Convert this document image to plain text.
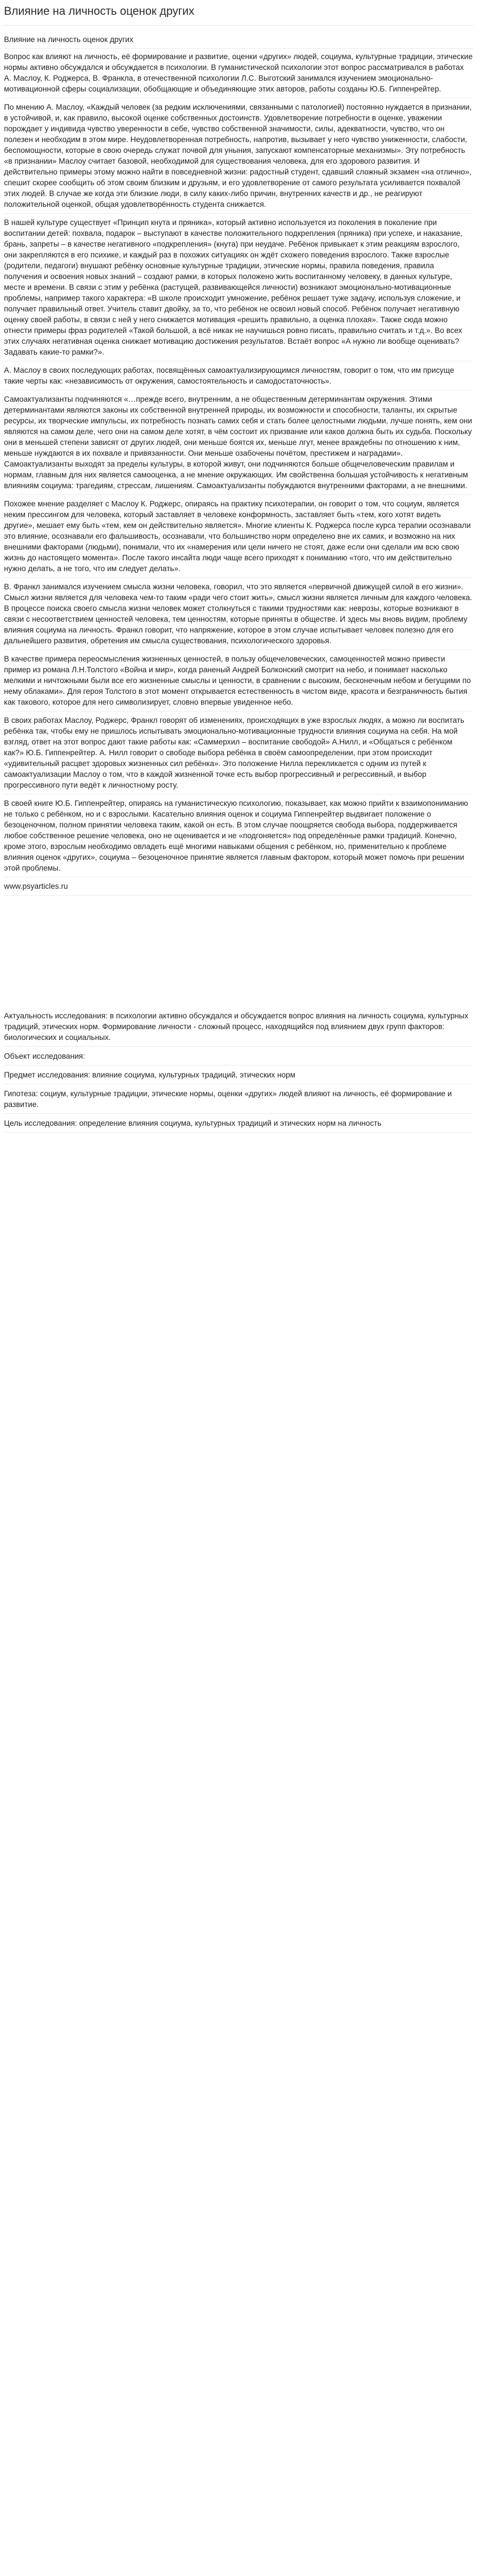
Влияние на личность оценок других

Влияние на личность оценок других

Вопрос как влияют на личность, её формирование и развитие, оценки «других» людей, социума, культурные традиции, этические нормы активно обсуждался и обсуждается в психологии. В гуманистической психологии этот вопрос рассматривался в работах А. Маслоу, К. Роджерса, В. Франкла, в отечественной психологии Л.С. Выготский занимался изучением эмоционально-мотивационной сферы социализации, обобщающие и объединяющие этих авторов, работы созданы Ю.Б. Гиппенрейтер.

По мнению А. Маслоу, «Каждый человек (за редким исключениями, связанными с патологией) постоянно нуждается в признании, в устойчивой, и, как правило, высокой оценке собственных достоинств. Удовлетворение потребности в оценке, уважении порождает у индивида чувство уверенности в себе, чувство собственной значимости, силы, адекватности, чувство, что он полезен и необходим в этом мире. Неудовлетворенная потребность, напротив, вызывает у него чувство униженности, слабости, беспомощности, которые в свою очередь служат почвой для уныния, запускают компенсаторные механизмы». Эту потребность «в признании» Маслоу считает базовой, необходимой для существования человека, для его здорового развития. И действительно примеры этому можно найти в повседневной жизни: радостный студент, сдавший сложный экзамен «на отлично», спешит скорее сообщить об этом своим близким и друзьям, и его удовлетворение от самого результата усиливается похвалой этих людей. В случае же когда эти близкие люди, в силу каких-либо причин, внутренних качеств и др., не реагируют положительной оценкой, общая удовлетворённость студента снижается.

В нашей культуре существует «Принцип кнута и пряника», который активно используется из поколения в поколение при воспитании детей: похвала, подарок – выступают в качестве положительного подкрепления (пряника) при успехе, и наказание, брань, запреты – в качестве негативного «подкрепления» (кнута) при неудаче. Ребёнок привыкает к этим реакциям взрослого, они закрепляются в его психике, и каждый раз в похожих ситуациях он ждёт схожего поведения взрослого. Также взрослые (родители, педагоги) внушают ребёнку основные культурные традиции, этические нормы, правила поведения, правила получения и освоения новых знаний – создают рамки, в которых положено жить воспитанному человеку, в данных культуре, месте и времени. В связи с этим у ребёнка (растущей, развивающейся личности) возникают эмоционально-мотивационные проблемы, например такого характера: «В школе происходит умножение, ребёнок решает туже задачу, используя сложение, и получает правильный ответ. Учитель ставит двойку, за то, что ребёнок не освоил новый способ. Ребёнок получает негативную оценку своей работы, в связи с ней у него снижается мотивация «решить правильно, а оценка плохая». Также сюда можно отнести примеры фраз родителей «Такой большой, а всё никак не научишься ровно писать, правильно считать и т.д.». Во всех этих случаях негативная оценка снижает мотивацию достижения результатов. Встаёт вопрос «А нужно ли вообще оценивать? Задавать какие-то рамки?».

А. Маслоу в своих последующих работах, посвящённых самоактуализирующимся личностям, говорит о том, что им присуще такие черты как: «независимость от окружения, самостоятельность и самодостаточность».

Самоактуализанты подчиняются «…прежде всего, внутренним, а не общественным детерминантам окружения. Этими детерминантами являются законы их собственной внутренней природы, их возможности и способности, таланты, их скрытые ресурсы, их творческие импульсы, их потребность познать самих себя и стать более целостными людьми, лучше понять, кем они являются на самом деле, чего они на самом деле хотят, в чём состоит их призвание или каков должна быть их судьба. Поскольку они в меньшей степени зависят от других людей, они меньше боятся их, меньше лгут, менее враждебны по отношению к ним, меньше нуждаются в их похвале и привязанности. Они меньше озабочены почётом, престижем и наградами». Самоактуализанты выходят за пределы культуры, в которой живут, они подчиняются больше общечеловеческим правилам и нормам, главным для них является самооценка, а не мнение окружающих. Им свойственна большая устойчивость к негативным влияниям социума: трагедиям, стрессам, лишениям. Самоактуализанты побуждаются внутренними факторами, а не внешними.

Похожее мнение разделяет с Маслоу К. Роджерс, опираясь на практику психотерапии, он говорит о том, что социум, является неким прессингом для человека, который заставляет в человеке конформность, заставляет быть «тем, кого хотят видеть другие», мешает ему быть «тем, кем он действительно является». Многие клиенты К. Роджерса после курса терапии осознавали это влияние, осознавали его фальшивость, осознавали, что большинство норм определено вне их самих, и возможно на них внешними факторами (людьми), понимали, что их «намерения или цели ничего не стоят, даже если они сделали им всю свою жизнь до настоящего момента». После такого инсайта люди чаще всего приходят к пониманию «того, что им действительно нужно делать, а не того, что им следует делать».

В. Франкл занимался изучением смысла жизни человека, говорил, что это является «первичной движущей силой в его жизни». Смысл жизни является для человека чем-то таким «ради чего стоит жить», смысл жизни является личным для каждого человека. В процессе поиска своего смысла жизни человек может столкнуться с такими трудностями как: неврозы, которые возникают в связи с несоответствием ценностей человека, тем ценностям, которые приняты в обществе. И здесь мы вновь видим, проблему влияния социума на личность. Франкл говорит, что напряжение, которое в этом случае испытывает человек полезно для его дальнейшего развития, обретения им смысла существования, психологического здоровья.

В качестве примера переосмысления жизненных ценностей, в пользу общечеловеческих, самоценностей можно привести пример из романа Л.Н.Толстого «Война и мир», когда раненый Андрей Болконский смотрит на небо, и понимает насколько мелкими и ничтожными были все его жизненные смыслы и ценности, в сравнении с высоким, бесконечным небом и бегущими по нему облаками». Для героя Толстого в этот момент открывается естественность в чистом виде, красота и безграничность бытия как такового, которое для него символизирует, словно впервые увиденное небо.

В своих работах Маслоу, Роджерс, Франкл говорят об изменениях, происходящих в уже взрослых людях, а можно ли воспитать ребёнка так, чтобы ему не пришлось испытывать эмоционально-мотивационные трудности влияния социума на себя. На мой взгляд, ответ на этот вопрос дают такие работы как: «Саммерхил – воспитание свободой» А.Нилл, и «Общаться с ребёнком как?» Ю.Б. Гиппенрейтер. А. Нилл говорит о свободе выбора ребёнка в своём самоопределении, при этом происходит «удивительный расцвет здоровых жизненных сил ребёнка». Это положение Нилла перекликается с одним из путей к самоактуализации Маслоу о том, что в каждой жизненной точке есть выбор прогрессивный и регрессивный, и выбор прогрессивного пути ведёт к личностному росту.

В своей книге Ю.Б. Гиппенрейтер, опираясь на гуманистическую психологию, показывает, как можно прийти к взаимопониманию не только с ребёнком, но и с взрослыми. Касательно влияния оценок и социума Гиппенрейтер выдвигает положение о безоценочном, полном принятии человека таким, какой он есть. В этом случае поощряется свобода выбора, поддерживается любое собственное решение человека, оно не оценивается и не «подгоняется» под определённые рамки традиций. Конечно, кроме этого, взрослым необходимо овладеть ещё многими навыками общения с ребёнком, но, применительно к проблеме влияния оценок «других», социума – безоценочное принятие является главным фактором, который может помочь при решении этой проблемы.

www.psyarticles.ru

Актуальность исследования: в психологии активно обсуждался и обсуждается вопрос влияния на личность социума, культурных традиций, этических норм. Формирование личности - сложный процесс, находящийся под влиянием двух групп факторов: биологических и социальных.

Объект исследования:

Предмет исследования: влияние социума, культурных традиций, этических норм

Гипотеза: социум, культурные традиции, этические нормы, оценки «других» людей влияют на личность, её формирование и развитие.

Цель исследования: определение влияния социума, культурных традиций и этических норм на личность
